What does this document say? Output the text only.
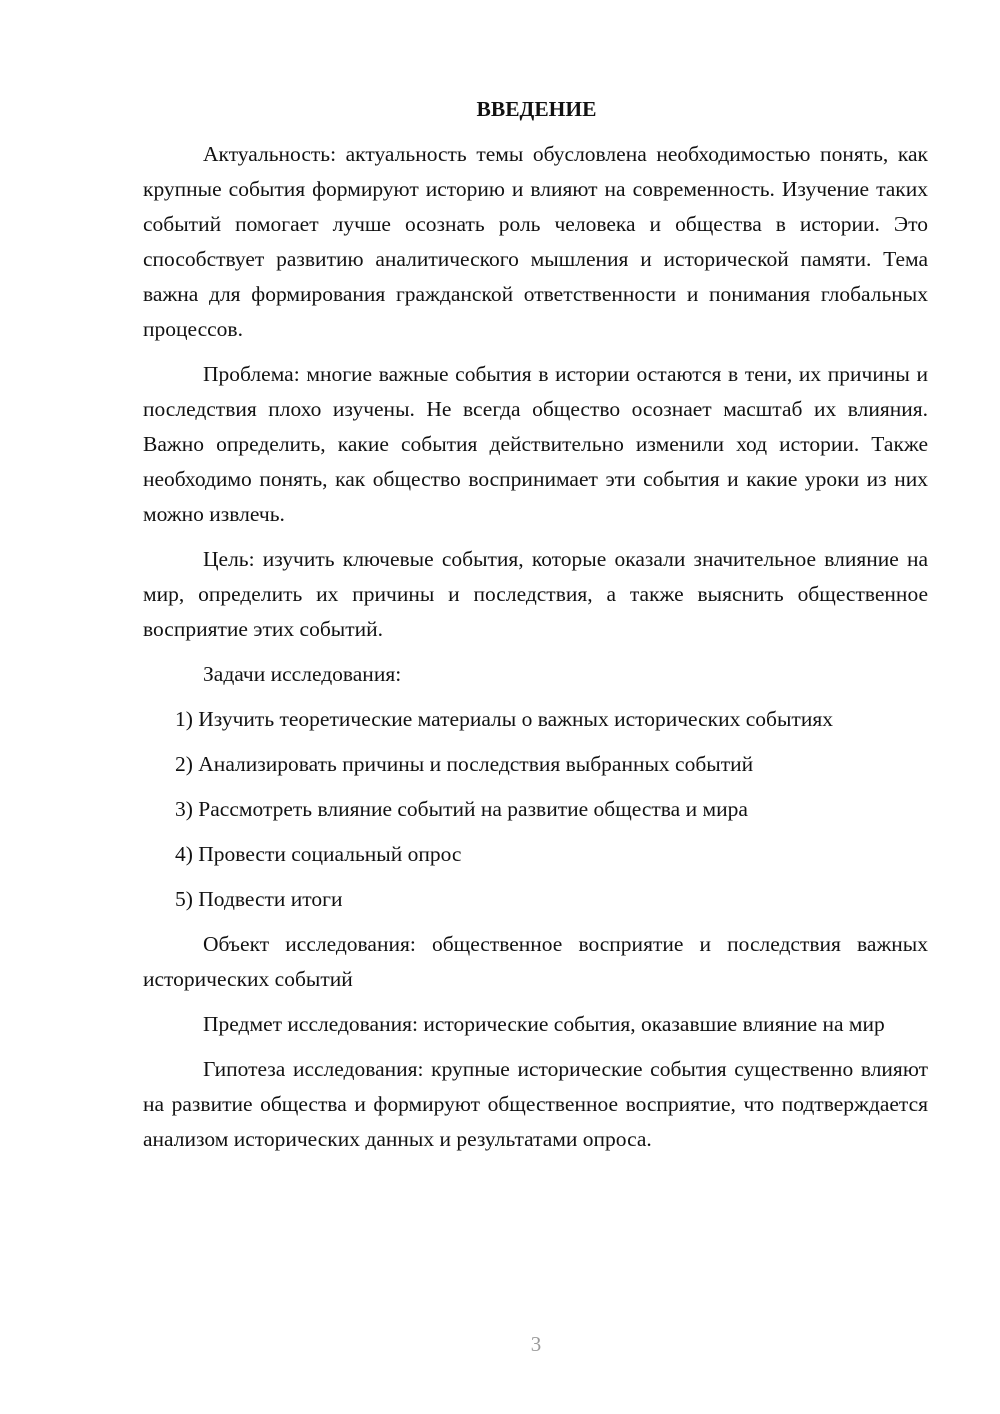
ВВЕДЕНИЕ

Актуальность: актуальность темы обусловлена необходимостью понять, как крупные события формируют историю и влияют на современность. Изучение таких событий помогает лучше осознать роль человека и общества в истории. Это способствует развитию аналитического мышления и исторической памяти. Тема важна для формирования гражданской ответственности и понимания глобальных процессов.

Проблема: многие важные события в истории остаются в тени, их причины и последствия плохо изучены. Не всегда общество осознает масштаб их влияния. Важно определить, какие события действительно изменили ход истории. Также необходимо понять, как общество воспринимает эти события и какие уроки из них можно извлечь.

Цель: изучить ключевые события, которые оказали значительное влияние на мир, определить их причины и последствия, а также выяснить общественное восприятие этих событий.

Задачи исследования:

1) Изучить теоретические материалы о важных исторических событиях

2) Анализировать причины и последствия выбранных событий

3) Рассмотреть влияние событий на развитие общества и мира

4) Провести социальный опрос

5) Подвести итоги

Объект исследования: общественное восприятие и последствия важных исторических событий

Предмет исследования: исторические события, оказавшие влияние на мир

Гипотеза исследования: крупные исторические события существенно влияют на развитие общества и формируют общественное восприятие, что подтверждается анализом исторических данных и результатами опроса.

3
